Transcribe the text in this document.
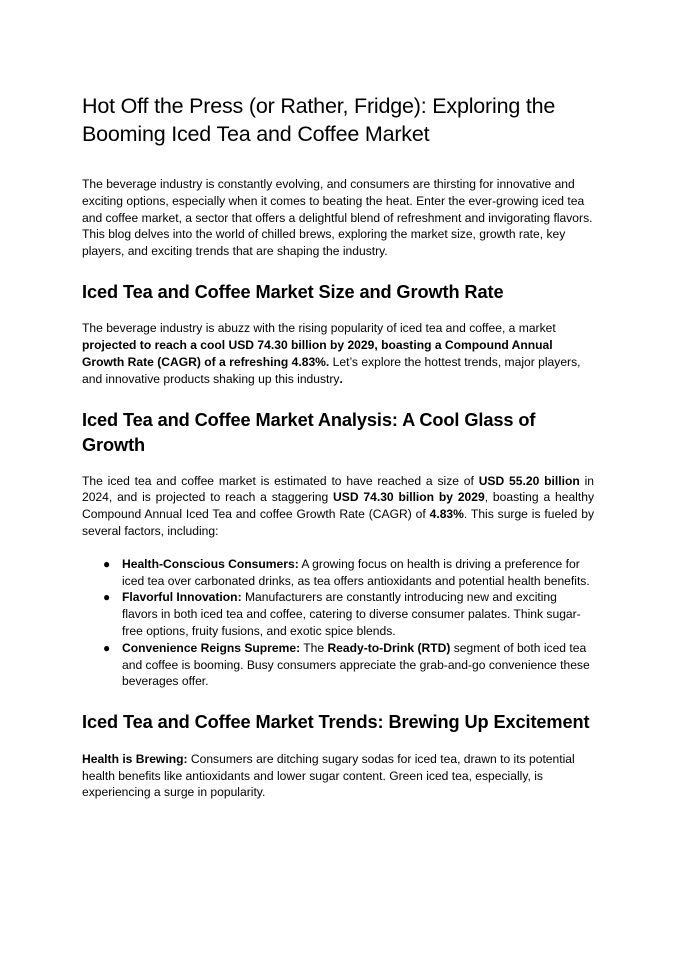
Hot Off the Press (or Rather, Fridge): Exploring the Booming Iced Tea and Coffee Market

The beverage industry is constantly evolving, and consumers are thirsting for innovative and exciting options, especially when it comes to beating the heat. Enter the ever-growing iced tea and coffee market, a sector that offers a delightful blend of refreshment and invigorating flavors. This blog delves into the world of chilled brews, exploring the market size, growth rate, key players, and exciting trends that are shaping the industry.

Iced Tea and Coffee Market Size and Growth Rate

The beverage industry is abuzz with the rising popularity of iced tea and coffee, a market projected to reach a cool USD 74.30 billion by 2029, boasting a Compound Annual Growth Rate (CAGR) of a refreshing 4.83%. Let’s explore the hottest trends, major players, and innovative products shaking up this industry.

Iced Tea and Coffee Market Analysis: A Cool Glass of Growth

The iced tea and coffee market is estimated to have reached a size of USD 55.20 billion in 2024, and is projected to reach a staggering USD 74.30 billion by 2029, boasting a healthy Compound Annual Iced Tea and coffee Growth Rate (CAGR) of 4.83%. This surge is fueled by several factors, including:

● Health-Conscious Consumers: A growing focus on health is driving a preference for iced tea over carbonated drinks, as tea offers antioxidants and potential health benefits.
● Flavorful Innovation: Manufacturers are constantly introducing new and exciting flavors in both iced tea and coffee, catering to diverse consumer palates. Think sugar-free options, fruity fusions, and exotic spice blends.
● Convenience Reigns Supreme: The Ready-to-Drink (RTD) segment of both iced tea and coffee is booming. Busy consumers appreciate the grab-and-go convenience these beverages offer.
Iced Tea and Coffee Market Trends: Brewing Up Excitement

Health is Brewing: Consumers are ditching sugary sodas for iced tea, drawn to its potential health benefits like antioxidants and lower sugar content. Green iced tea, especially, is experiencing a surge in popularity.
